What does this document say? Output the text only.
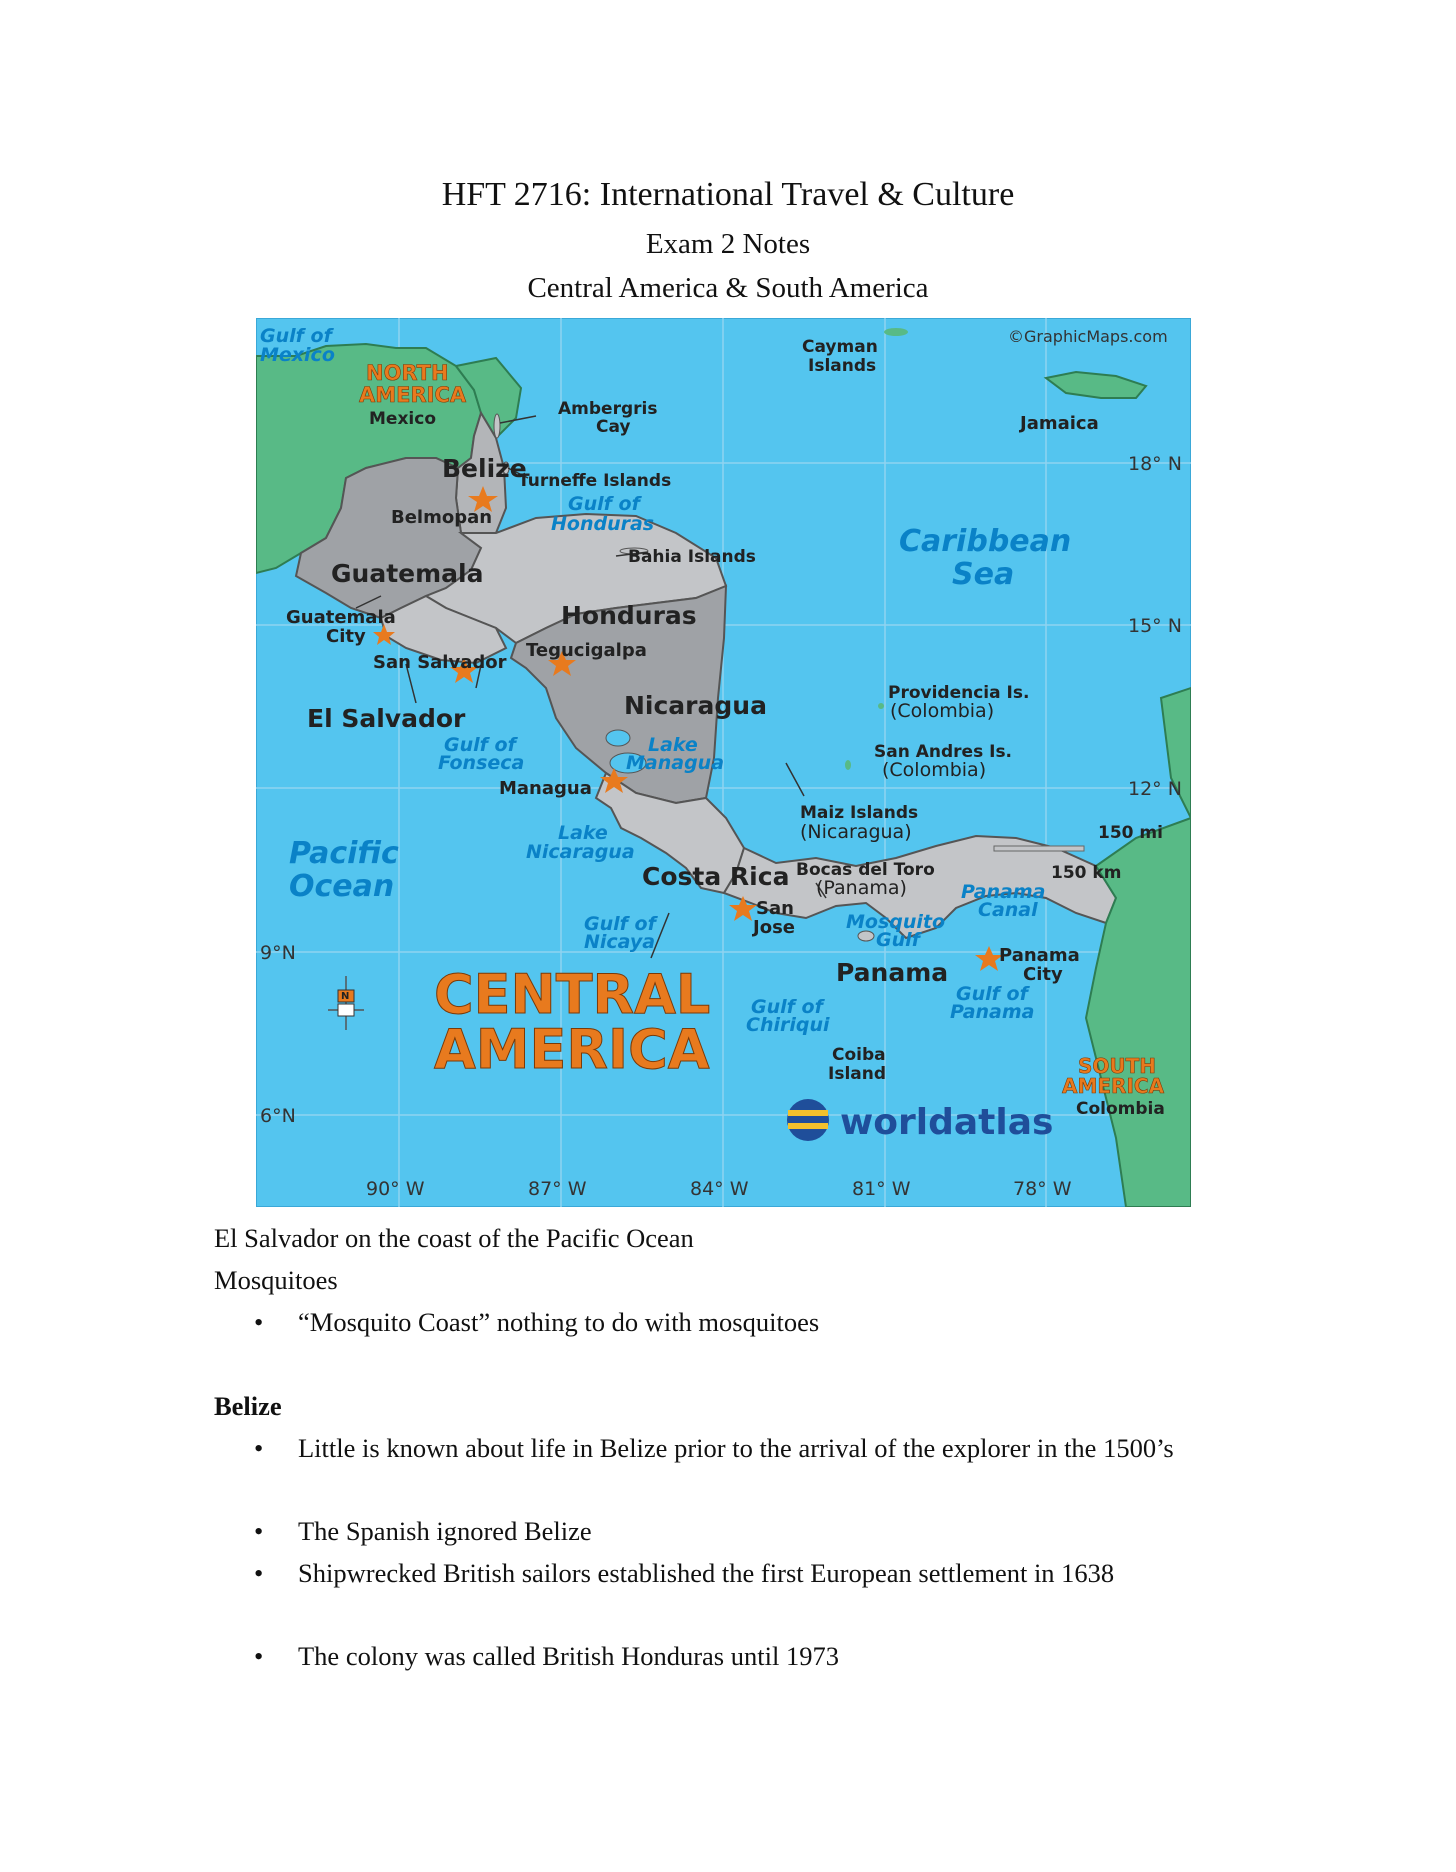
HFT 2716: International Travel & Culture
Exam 2 Notes
Central America & South America
Gulf of
Mexico
Gulf of
Honduras	Caribbean
Sea
Pacific
Ocean
Gulf of
Fonseca
Lake
Managua
Lake
Nicaragua
Gulf of
Nicaya
Mosquito
Gulf
Gulf of
Chiriqui
Gulf of
Panama
Panama
Canal
NORTH
AMERICA
SOUTH
AMERICA
CENTRAL
AMERICA
Mexico
Belize
Guatemala
Honduras
El Salvador	Nicaragua
Costa Rica
Panama
Colombia
Jamaica
Belmopan
Guatemala
City
San Salvador
Tegucigalpa
Managua
San
Jose
Panama
City
Cayman
Islands
Ambergris
Cay
Turneffe Islands
Bahia Islands
Providencia Is.
(Colombia)
San Andres Is.
(Colombia)
Maiz Islands
(Nicaragua)
Bocas del Toro
(Panama)
Coiba
Island
150 mi
150 km
18° N
15° N
12° N
9°N
6°N
90° W	87° W	84° W	81° W	78° W
©GraphicMaps.com
N
worldatlas
El Salvador on the coast of the Pacific Ocean
Mosquitoes
• “Mosquito Coast” nothing to do with mosquitoes
Belize
• Little is known about life in Belize prior to the arrival of the explorer in the 1500’s
• The Spanish ignored Belize
• Shipwrecked British sailors established the first European settlement in 1638
• The colony was called British Honduras until 1973
